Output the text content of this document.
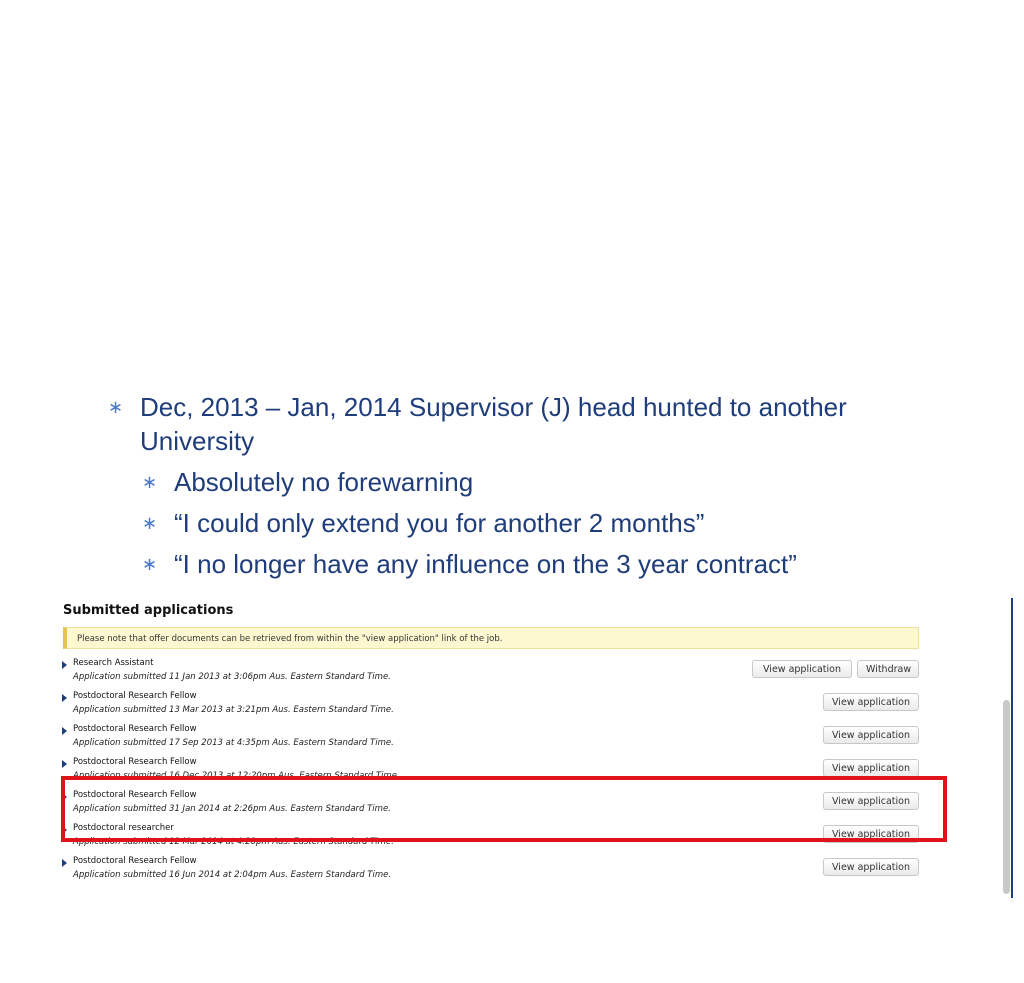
∗ Dec, 2013 – Jan, 2014 Supervisor (J) head hunted to another University
∗ Absolutely no forewarning
∗ “I could only extend you for another 2 months”
∗ “I no longer have any influence on the 3 year contract”
Submitted applications
Please note that offer documents can be retrieved from within the "view application" link of the job.
Research Assistant
Application submitted 11 Jan 2013 at 3:06pm Aus. Eastern Standard Time.
View application	Withdraw
Postdoctoral Research Fellow
Application submitted 13 Mar 2013 at 3:21pm Aus. Eastern Standard Time.
View application
Postdoctoral Research Fellow
Application submitted 17 Sep 2013 at 4:35pm Aus. Eastern Standard Time.
View application
Postdoctoral Research Fellow
Application submitted 16 Dec 2013 at 12:20pm Aus. Eastern Standard Time.
View application
Postdoctoral Research Fellow
Application submitted 31 Jan 2014 at 2:26pm Aus. Eastern Standard Time.
View application
Postdoctoral researcher
Application submitted 12 Mar 2014 at 4:28pm Aus. Eastern Standard Time.
View application
Postdoctoral Research Fellow
Application submitted 16 Jun 2014 at 2:04pm Aus. Eastern Standard Time.
View application
